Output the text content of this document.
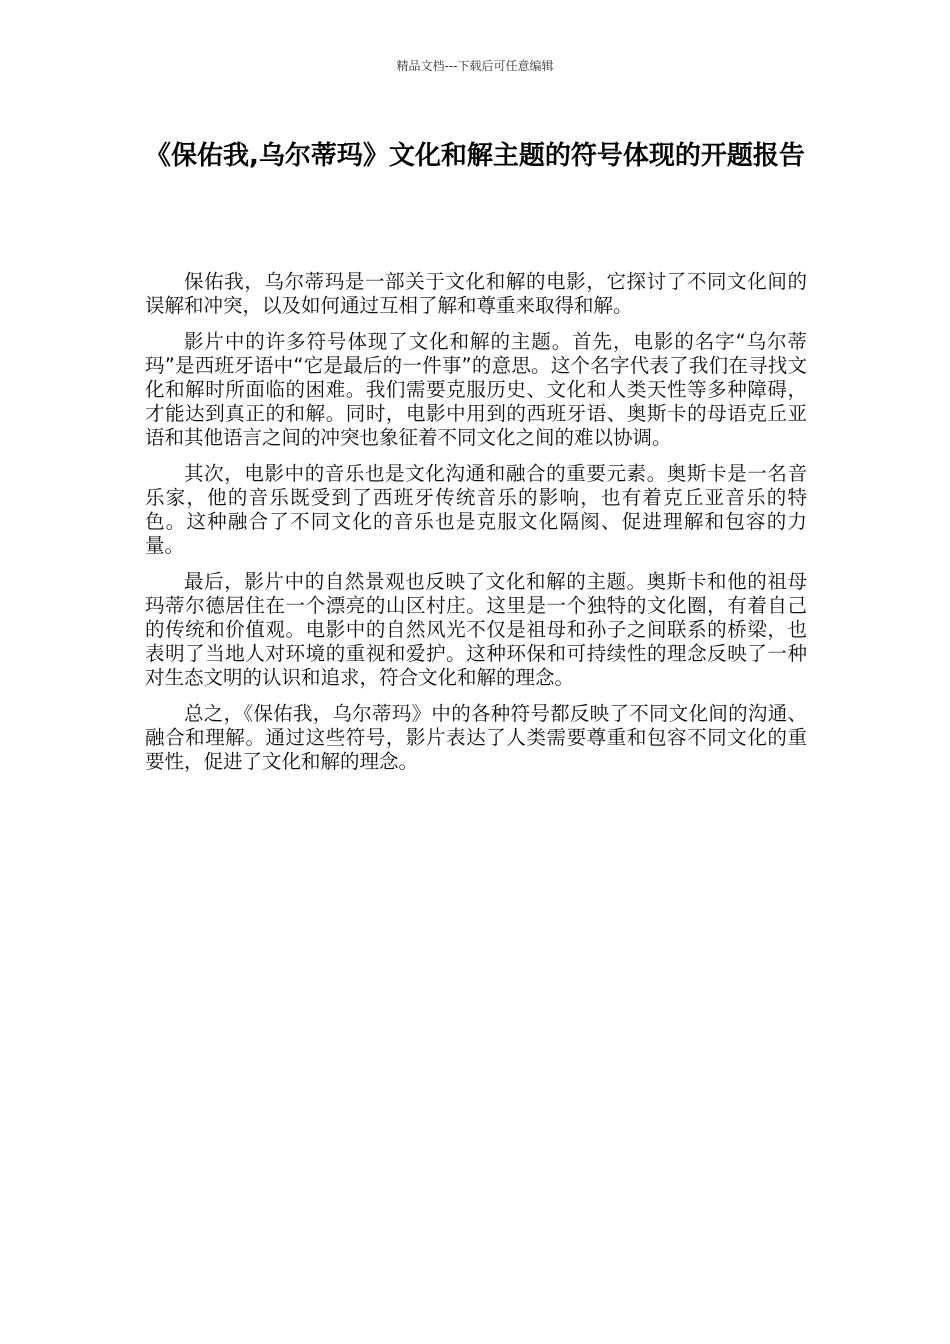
精品文档---下载后可任意编辑
《保佑我,乌尔蒂玛》文化和解主题的符号体现的开题报告

保佑我，乌尔蒂玛是一部关于文化和解的电影，它探讨了不同文化间的误解和冲突，以及如何通过互相了解和尊重来取得和解。

影片中的许多符号体现了文化和解的主题。首先，电影的名字“乌尔蒂玛”是西班牙语中“它是最后的一件事”的意思。这个名字代表了我们在寻找文化和解时所面临的困难。我们需要克服历史、文化和人类天性等多种障碍，才能达到真正的和解。同时，电影中用到的西班牙语、奥斯卡的母语克丘亚语和其他语言之间的冲突也象征着不同文化之间的难以协调。

其次，电影中的音乐也是文化沟通和融合的重要元素。奥斯卡是一名音乐家，他的音乐既受到了西班牙传统音乐的影响，也有着克丘亚音乐的特色。这种融合了不同文化的音乐也是克服文化隔阂、促进理解和包容的力量。

最后，影片中的自然景观也反映了文化和解的主题。奥斯卡和他的祖母玛蒂尔德居住在一个漂亮的山区村庄。这里是一个独特的文化圈，有着自己的传统和价值观。电影中的自然风光不仅是祖母和孙子之间联系的桥梁，也表明了当地人对环境的重视和爱护。这种环保和可持续性的理念反映了一种对生态文明的认识和追求，符合文化和解的理念。

总之，《保佑我，乌尔蒂玛》中的各种符号都反映了不同文化间的沟通、融合和理解。通过这些符号，影片表达了人类需要尊重和包容不同文化的重要性，促进了文化和解的理念。
